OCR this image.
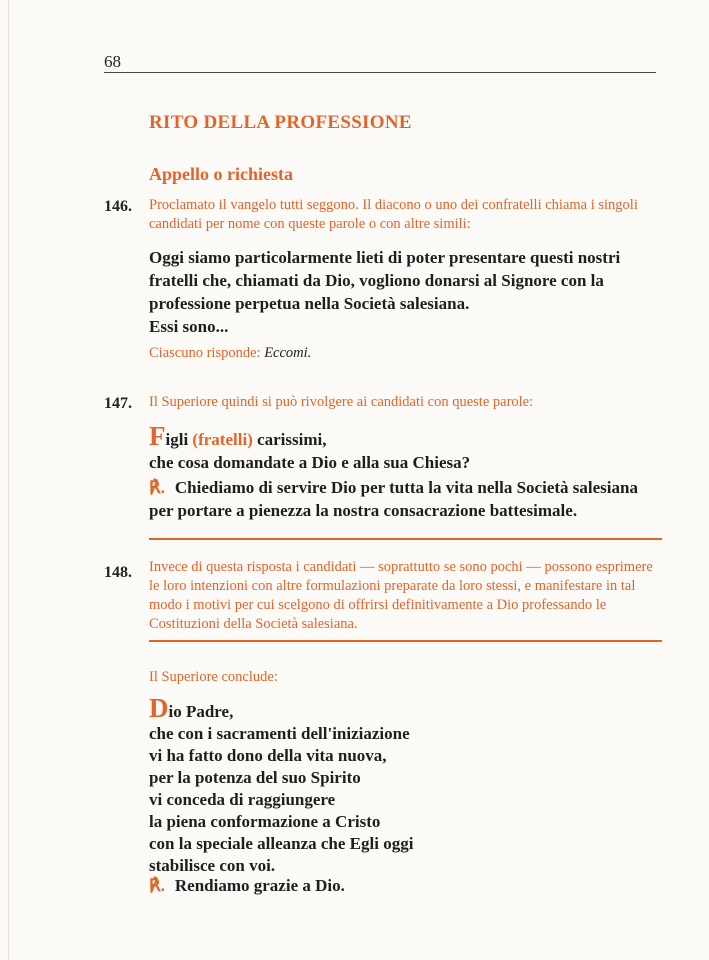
68
RITO DELLA PROFESSIONE
Appello o richiesta
146. Proclamato il vangelo tutti seggono. Il diacono o uno dei confratelli chiama i singoli candidati per nome con queste parole o con altre simili:

Oggi siamo particolarmente lieti di poter presentare questi nostri fratelli che, chiamati da Dio, vogliono donarsi al Signore con la professione perpetua nella Società salesiana.
Essi sono...

Ciascuno risponde: Eccomi.

147. Il Superiore quindi si può rivolgere ai candidati con queste parole:

Figli (fratelli) carissimi,
che cosa domandate a Dio e alla sua Chiesa?

℟. Chiediamo di servire Dio per tutta la vita nella Società salesiana per portare a pienezza la nostra consacrazione battesimale.

148. Invece di questa risposta i candidati — soprattutto se sono pochi — possono esprimere le loro intenzioni con altre formulazioni preparate da loro stessi, e manifestare in tal modo i motivi per cui scelgono di offrirsi definitivamente a Dio professando le Costituzioni della Società salesiana.

Il Superiore conclude:

Dio Padre,
che con i sacramenti dell'iniziazione
vi ha fatto dono della vita nuova,
per la potenza del suo Spirito
vi conceda di raggiungere
la piena conformazione a Cristo
con la speciale alleanza che Egli oggi
stabilisce con voi.

℟. Rendiamo grazie a Dio.
